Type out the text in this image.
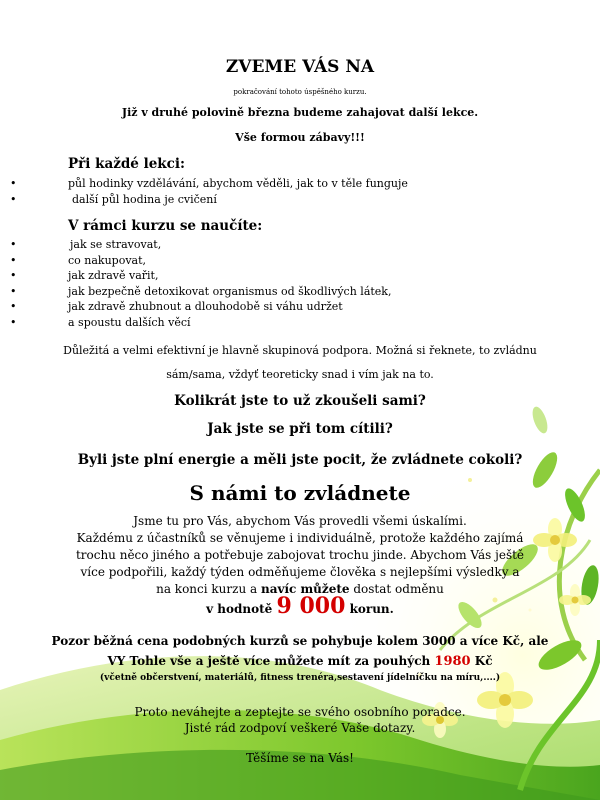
ZVEME VÁS NA
pokračování tohoto úspěšného kurzu.
Již v druhé polovině března budeme zahajovat další lekce.
Vše formou zábavy!!!
Při každé lekci:
•	půl hodinky vzdělávání, abychom věděli, jak to v těle funguje
•	další půl hodina je cvičení
V rámci kurzu se naučíte:
•	jak se stravovat,
•	co nakupovat,
•	jak zdravě vařit,
•	jak bezpečně detoxikovat organismus od škodlivých látek,
•	jak zdravě zhubnout a dlouhodobě si váhu udržet
•	a spoustu dalších věcí
Důležitá a velmi efektivní je hlavně skupinová podpora. Možná si řeknete, to zvládnu
sám/sama, vždyť teoreticky snad i vím jak na to.
Kolikrát jste to už zkoušeli sami?
Jak jste se při tom cítili?
Byli jste plní energie a měli jste pocit, že zvládnete cokoli?
S námi to zvládnete
Jsme tu pro Vás, abychom Vás provedli všemi úskalími.
Každému z účastníků se věnujeme i individuálně, protože každého zajímá
trochu něco jiného a potřebuje zabojovat trochu jinde. Abychom Vás ještě
více podpořili, každý týden odměňujeme člověka s nejlepšími výsledky a
na konci kurzu a navíc můžete dostat odměnu
v hodnotě 9 000 korun.
Pozor běžná cena podobných kurzů se pohybuje kolem 3000 a více Kč, ale
VY Tohle vše a ještě více můžete mít za pouhých 1980 Kč
(včetně občerstvení, materiálů, fitness trenéra,sestavení jídelníčku na míru,....)
Proto neváhejte a zeptejte se svého osobního poradce.
Jisté rád zodpoví veškeré Vaše dotazy.
Těšíme se na Vás!
